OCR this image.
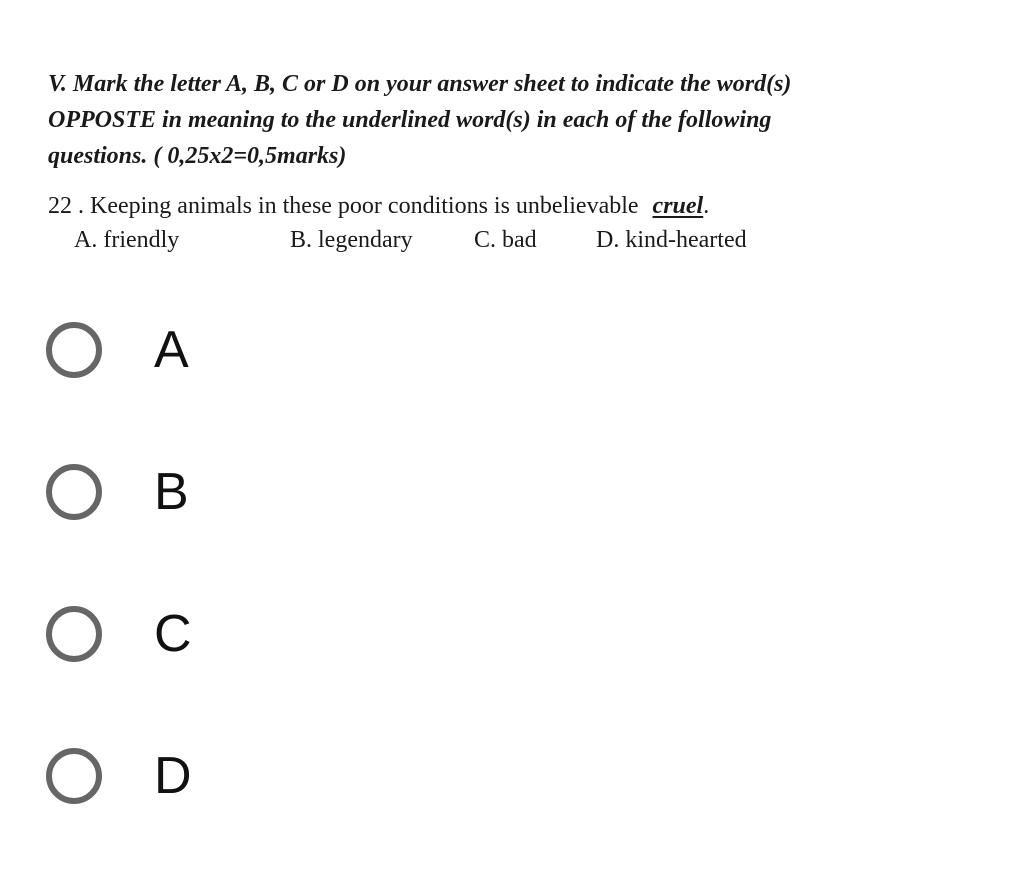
V. Mark the letter A, B, C or D on your answer sheet to indicate the word(s)
OPPOSTE in meaning to the underlined word(s) in each of the following
questions. ( 0,25x2=0,5marks)
22 . Keeping animals in these poor conditions is unbelievable cruel.
A. friendly	B. legendary	C. bad D. kind-hearted
A
B
C
D
